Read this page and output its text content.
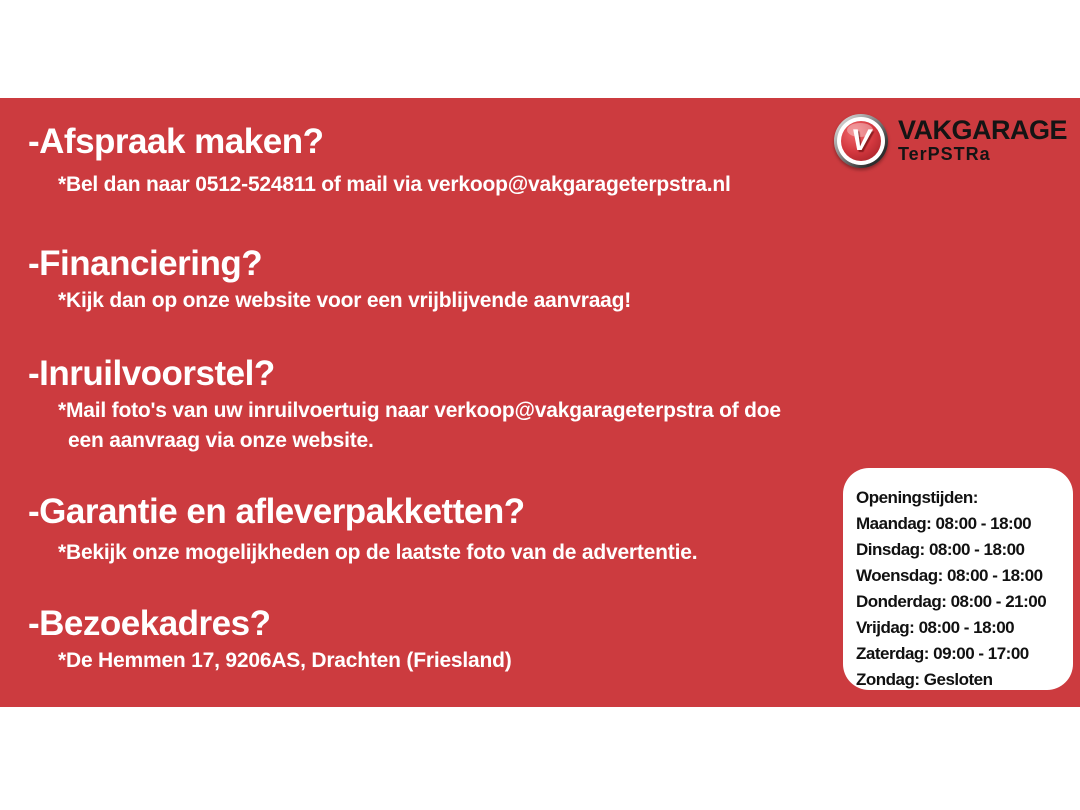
V VAKGARAGE
TerPSTRa
-Afspraak maken?
*Bel dan naar 0512-524811 of mail via verkoop@vakgarageterpstra.nl
-Financiering?
*Kijk dan op onze website voor een vrijblijvende aanvraag!
-Inruilvoorstel?
*Mail foto's van uw inruilvoertuig naar verkoop@vakgarageterpstra of doe
een aanvraag via onze website.
-Garantie en afleverpakketten?
*Bekijk onze mogelijkheden op de laatste foto van de advertentie.
-Bezoekadres?
*De Hemmen 17, 9206AS, Drachten (Friesland)
Openingstijden:
Maandag: 08:00 - 18:00
Dinsdag: 08:00 - 18:00
Woensdag: 08:00 - 18:00
Donderdag: 08:00 - 21:00
Vrijdag: 08:00 - 18:00
Zaterdag: 09:00 - 17:00
Zondag: Gesloten
